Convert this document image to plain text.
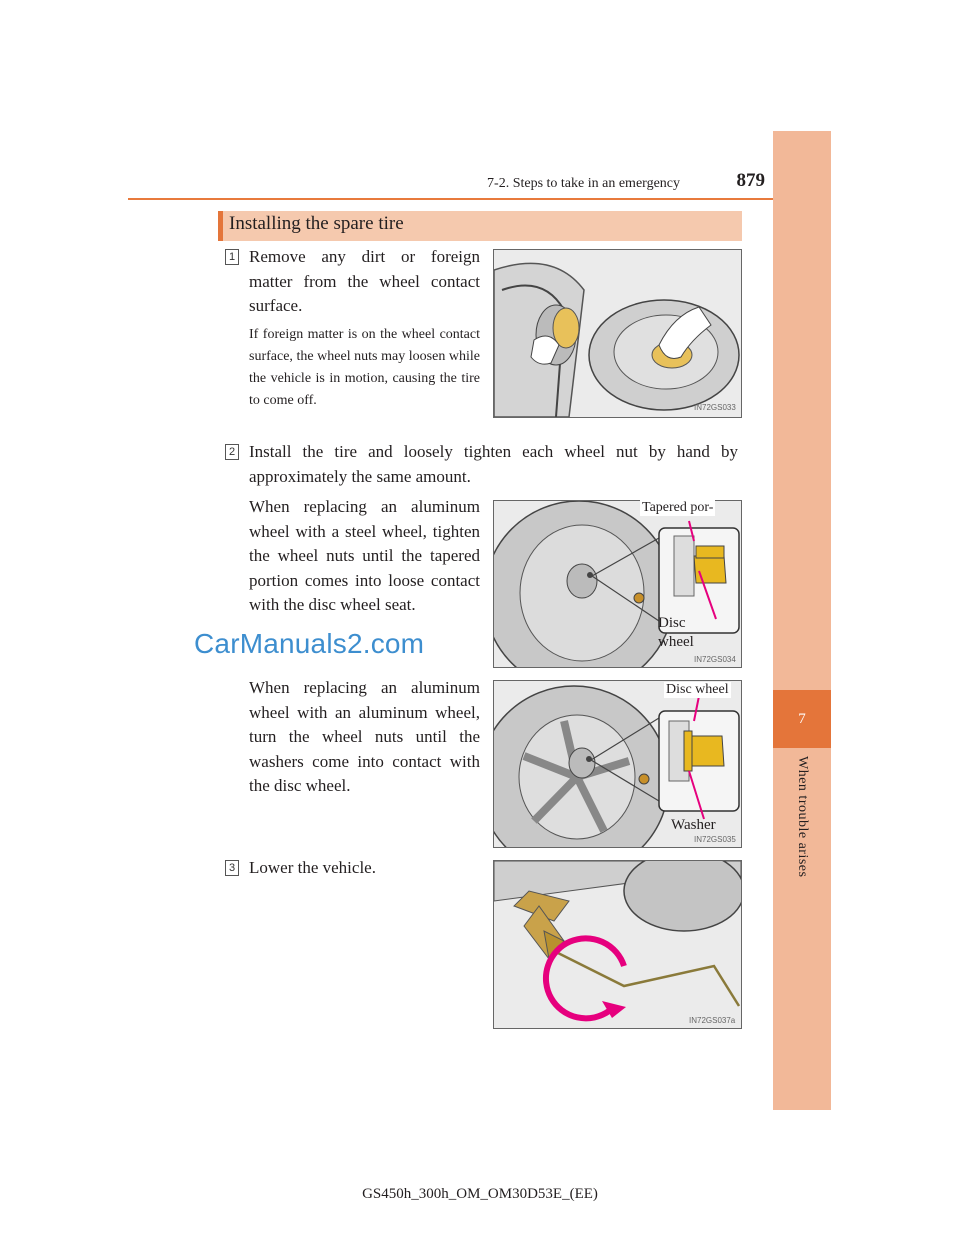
7-2. Steps to take in an emergency	879
7
When trouble arises
Installing the spare tire
1 Remove any dirt or foreign matter from the wheel contact surface.
If foreign matter is on the wheel contact surface, the wheel nuts may loosen while the vehicle is in motion, causing the tire to come off.	IN72GS033
2 Install the tire and loosely tighten each wheel nut by hand by approximately the same amount.
When replacing an aluminum wheel with a steel wheel, tighten the wheel nuts until the tapered portion comes into loose contact with the disc wheel seat.
IN72GS034
Tapered por-
Disc wheel
When replacing an aluminum wheel with an aluminum wheel, turn the wheel nuts until the washers come into contact with the disc wheel.
IN72GS035
Disc wheel
Washer
3 Lower the vehicle.
IN72GS037a
CarManuals2.com
GS450h_300h_OM_OM30D53E_(EE)
